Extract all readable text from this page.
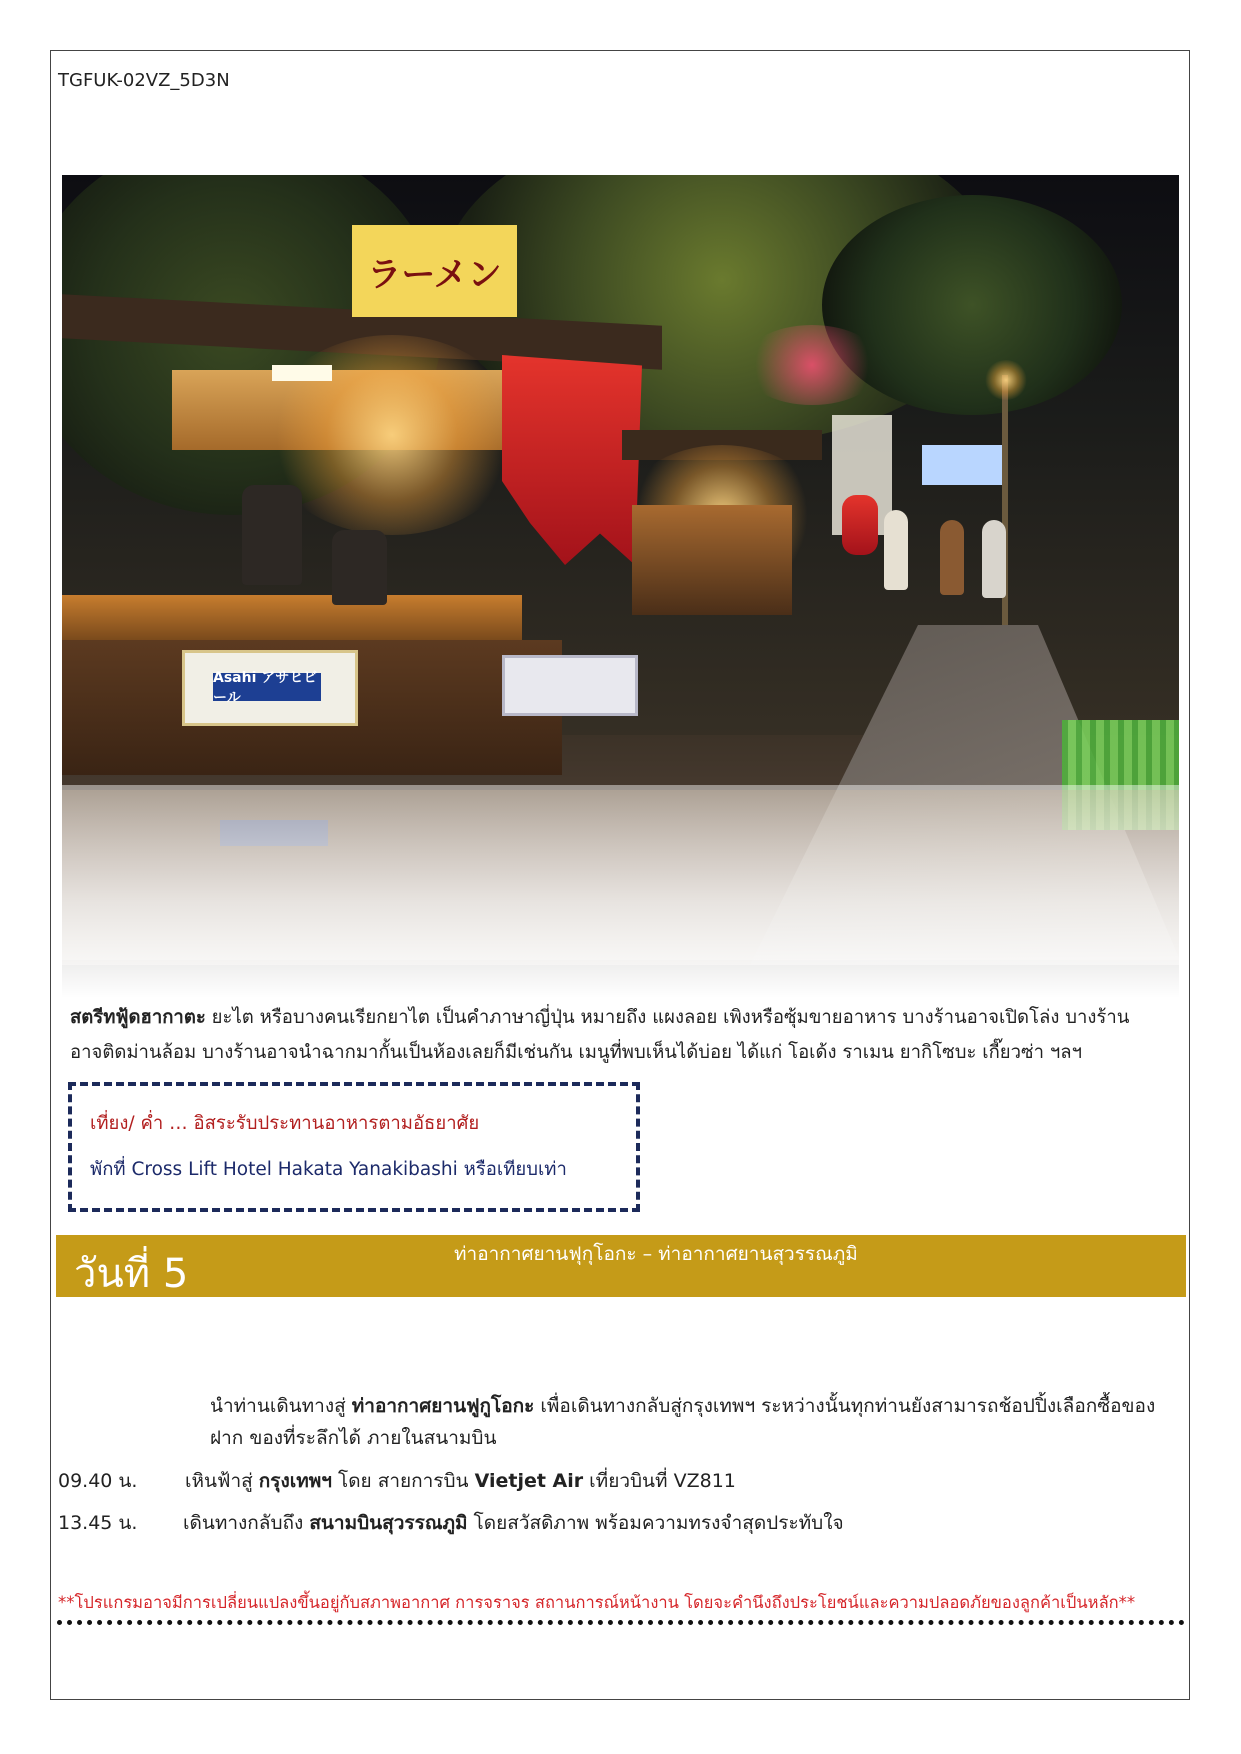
TGFUK-02VZ_5D3N
ラーメン
Asahi アサヒビール
สตรีทฟู้ดฮากาตะ ยะไต หรือบางคนเรียกยาไต เป็นคำภาษาญี่ปุ่น หมายถึง แผงลอย เพิงหรือซุ้มขายอาหาร บางร้านอาจเปิดโล่ง บางร้านอาจติดม่านล้อม บางร้านอาจนำฉากมากั้นเป็นห้องเลยก็มีเช่นกัน เมนูที่พบเห็นได้บ่อย ได้แก่ โอเด้ง ราเมน ยากิโซบะ เกี๊ยวซ่า ฯลฯ
เที่ยง/ ค่ำ … อิสระรับประทานอาหารตามอัธยาศัย
พักที่ Cross Lift Hotel Hakata Yanakibashi หรือเทียบเท่า
วันที่ 5	ท่าอากาศยานฟุกุโอกะ – ท่าอากาศยานสุวรรณภูมิ
นำท่านเดินทางสู่ ท่าอากาศยานฟูกูโอกะ เพื่อเดินทางกลับสู่กรุงเทพฯ ระหว่างนั้นทุกท่านยังสามารถช้อปปิ้งเลือกซื้อของฝาก ของที่ระลึกได้ ภายในสนามบิน
09.40 น.	เหินฟ้าสู่ กรุงเทพฯ โดย สายการบิน Vietjet Air เที่ยวบินที่ VZ811
13.45 น.	เดินทางกลับถึง สนามบินสุวรรณภูมิ โดยสวัสดิภาพ พร้อมความทรงจำสุดประทับใจ
**โปรแกรมอาจมีการเปลี่ยนแปลงขึ้นอยู่กับสภาพอากาศ การจราจร สถานการณ์หน้างาน โดยจะคำนึงถึงประโยชน์และความปลอดภัยของลูกค้าเป็นหลัก**
